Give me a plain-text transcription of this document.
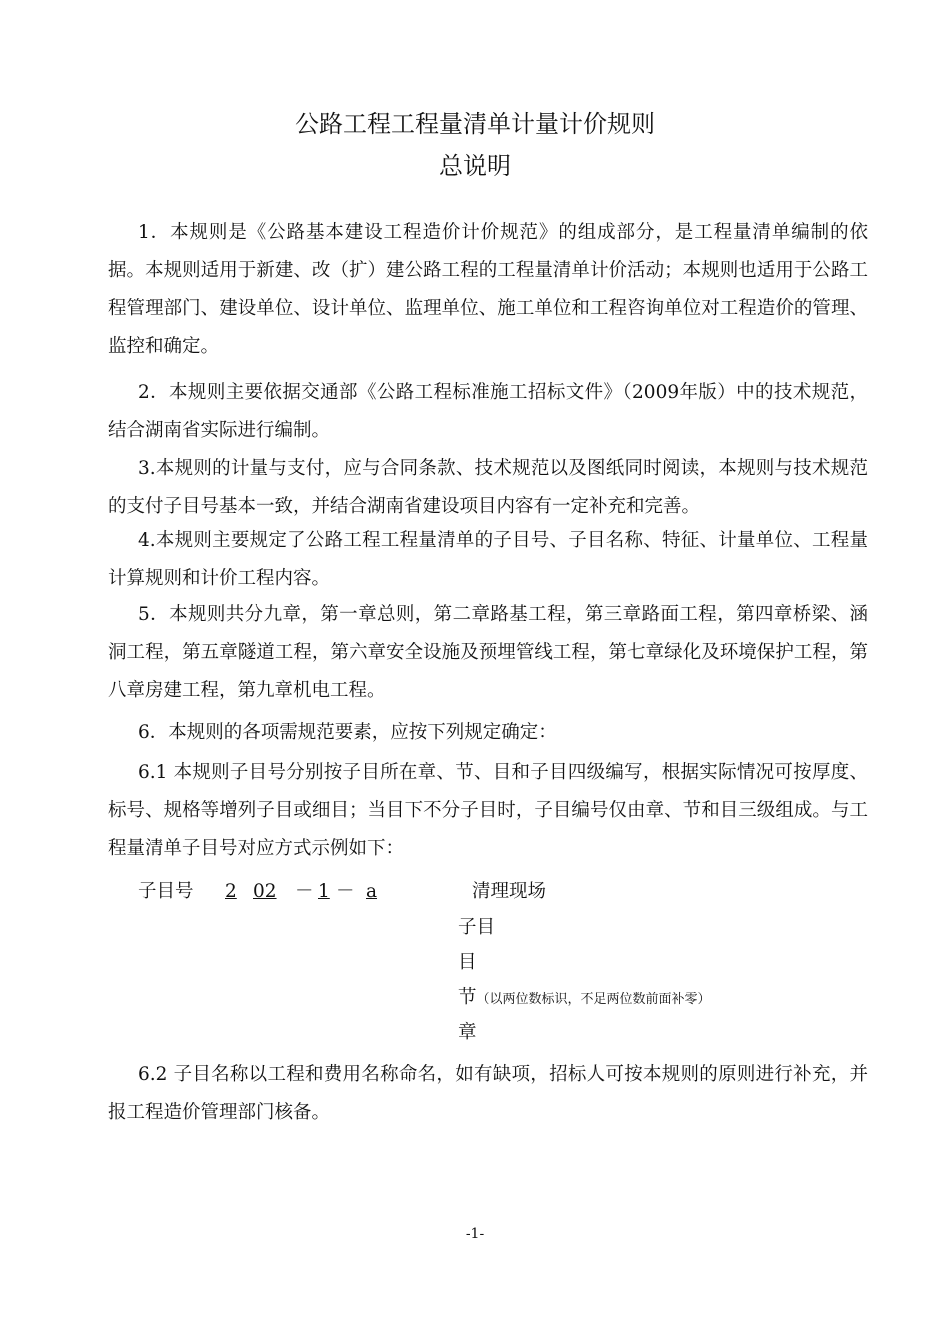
公路工程工程量清单计量计价规则
总说明
1．本规则是《公路基本建设工程造价计价规范》的组成部分，是工程量清单编制的依据。本规则适用于新建、改（扩）建公路工程的工程量清单计价活动；本规则也适用于公路工程管理部门、建设单位、设计单位、监理单位、施工单位和工程咨询单位对工程造价的管理、监控和确定。
2．本规则主要依据交通部《公路工程标准施工招标文件》（2009年版）中的技术规范，结合湖南省实际进行编制。
3.本规则的计量与支付，应与合同条款、技术规范以及图纸同时阅读，本规则与技术规范的支付子目号基本一致，并结合湖南省建设项目内容有一定补充和完善。
4.本规则主要规定了公路工程工程量清单的子目号、子目名称、特征、计量单位、工程量计算规则和计价工程内容。
5．本规则共分九章，第一章总则，第二章路基工程，第三章路面工程，第四章桥梁、涵洞工程，第五章隧道工程，第六章安全设施及预埋管线工程，第七章绿化及环境保护工程，第八章房建工程，第九章机电工程。
6．本规则的各项需规范要素，应按下列规定确定：
6.1 本规则子目号分别按子目所在章、节、目和子目四级编写，根据实际情况可按厚度、标号、规格等增列子目或细目；当目下不分子目时，子目编号仅由章、节和目三级组成。与工程量清单子目号对应方式示例如下：
子目号 2 02 － 1 － a	清理现场
子目
目
节（以两位数标识，不足两位数前面补零）
章
6.2 子目名称以工程和费用名称命名，如有缺项，招标人可按本规则的原则进行补充，并报工程造价管理部门核备。
-1-
